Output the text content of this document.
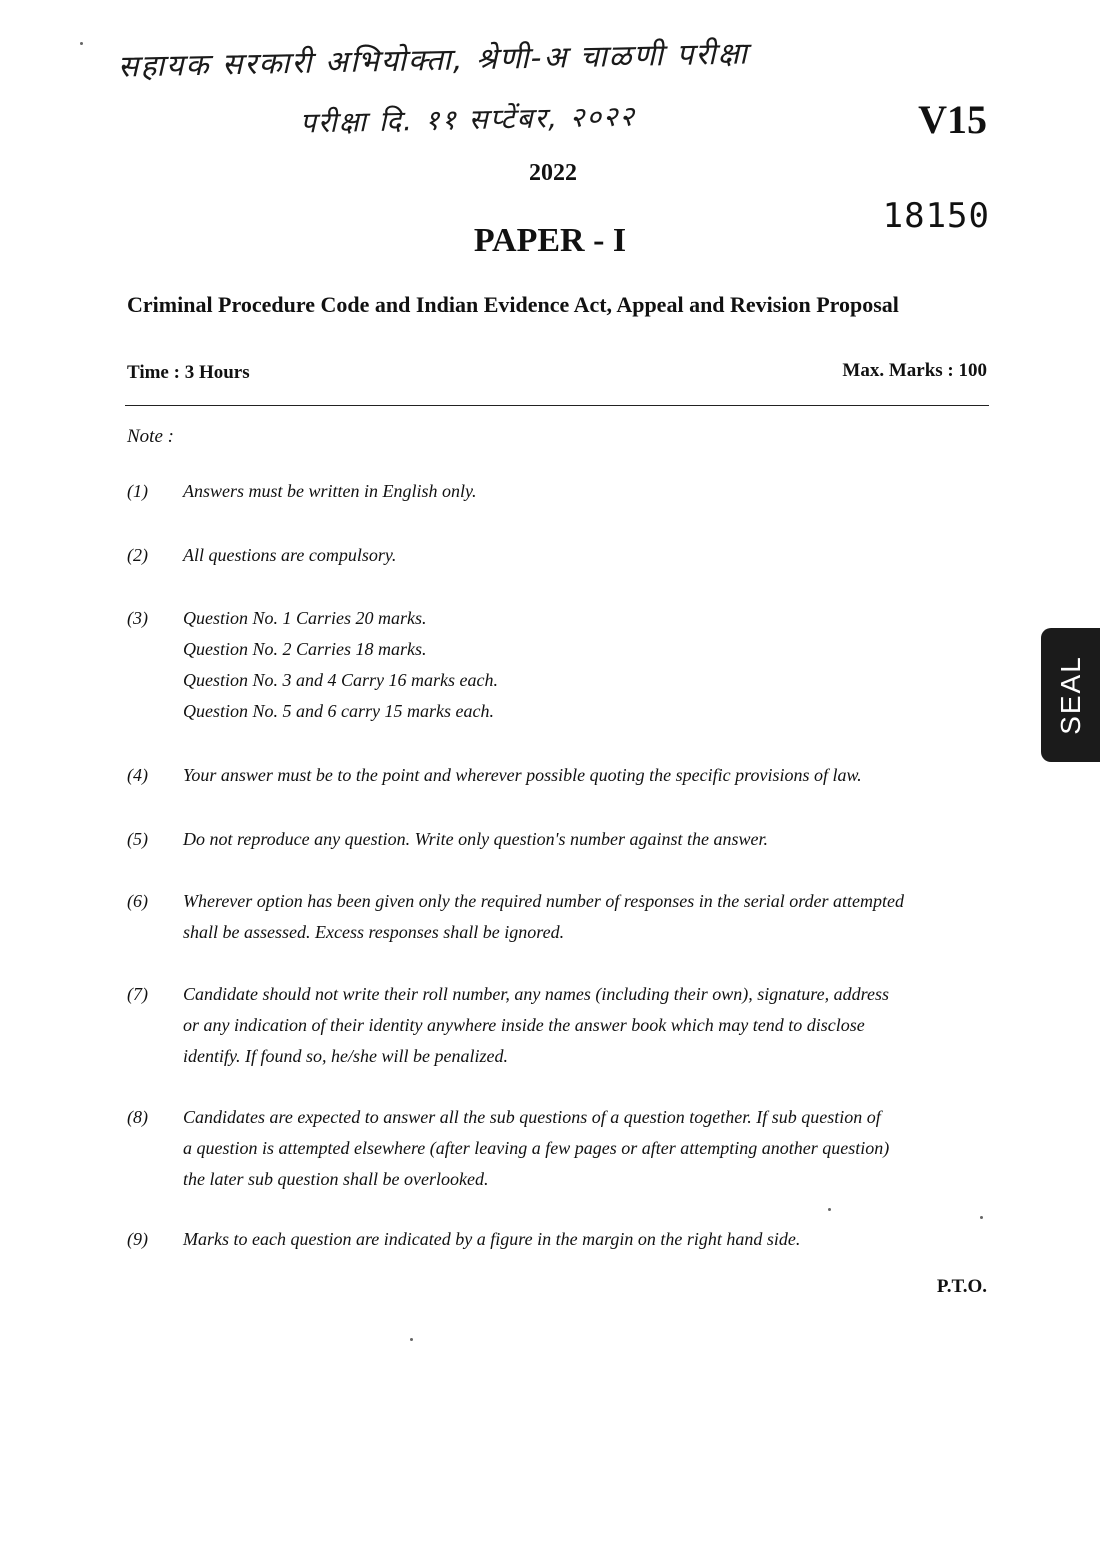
सहायक सरकारी अभियोक्ता, श्रेणी-अ चाळणी परीक्षा
परीक्षा दि. ११ सप्टेंबर, २०२२	V15
2022
18150
PAPER - I
Criminal Procedure Code and Indian Evidence Act, Appeal and Revision Proposal
Time : 3 Hours	Max. Marks : 100
Note :
(1)	Answers must be written in English only.
(2)	All questions are compulsory.
(3)	Question No. 1 Carries 20 marks.
Question No. 2 Carries 18 marks.
Question No. 3 and 4 Carry 16 marks each.
Question No. 5 and 6 carry 15 marks each.
(4)	Your answer must be to the point and wherever possible quoting the specific provisions of law.
(5)	Do not reproduce any question. Write only question's number against the answer.
(6)	Wherever option has been given only the required number of responses in the serial order attempted
shall be assessed. Excess responses shall be ignored.
(7)	Candidate should not write their roll number, any names (including their own), signature, address
or any indication of their identity anywhere inside the answer book which may tend to disclose
identify. If found so, he/she will be penalized.
(8)	Candidates are expected to answer all the sub questions of a question together. If sub question of
a question is attempted elsewhere (after leaving a few pages or after attempting another question)
the later sub question shall be overlooked.
(9)	Marks to each question are indicated by a figure in the margin on the right hand side.
P.T.O.
SEAL
